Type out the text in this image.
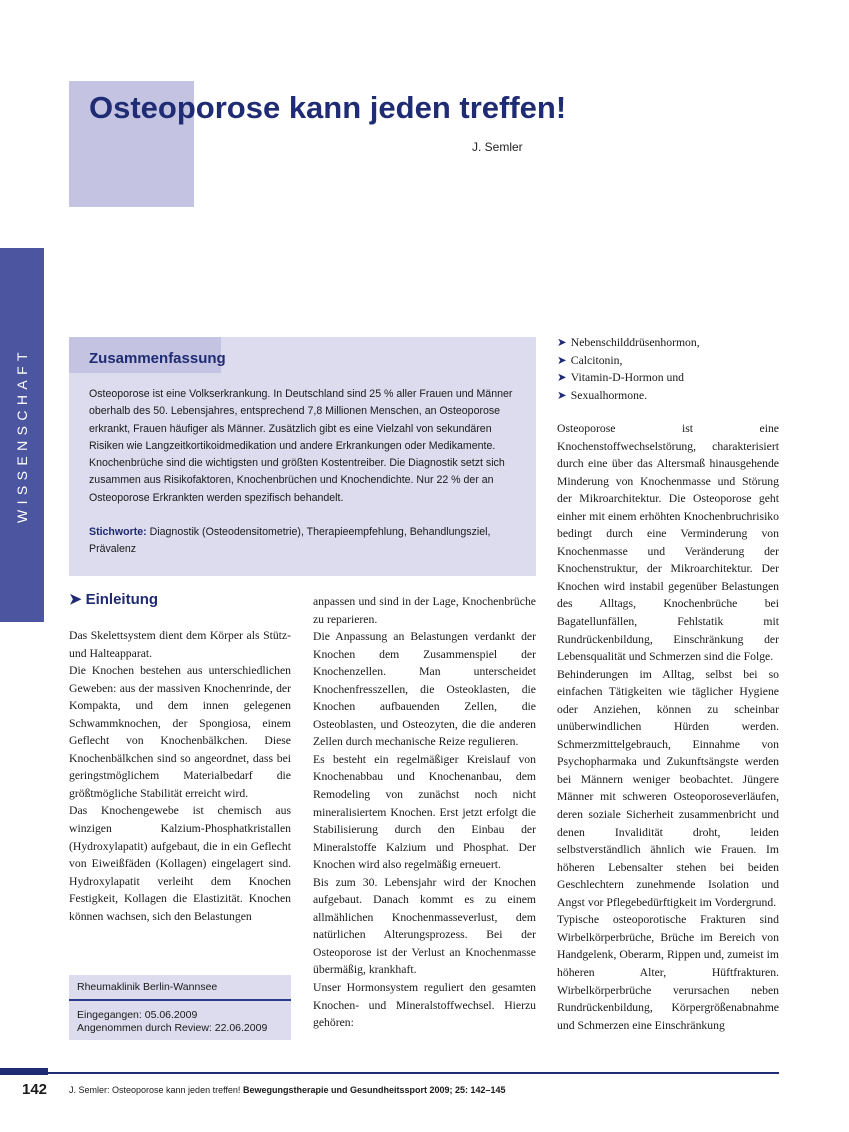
Osteoporose kann jeden treffen!
J. Semler
WISSENSCHAFT	Zusammenfassung

Osteoporose ist eine Volkserkrankung. In Deutschland sind 25 % aller Frauen und Männer oberhalb des 50. Lebensjahres, entsprechend 7,8 Millionen Menschen, an Osteoporose erkrankt, Frauen häufiger als Männer. Zusätzlich gibt es eine Vielzahl von sekundären Risiken wie Langzeitkortikoidmedikation und andere Erkrankungen oder Medikamente. Knochenbrüche sind die wichtigsten und größten Kostentreiber. Die Diagnostik setzt sich zusammen aus Risikofaktoren, Knochenbrüchen und Knochendichte. Nur 22 % der an Osteoporose Erkrankten werden spezifisch behandelt.

Stichworte: Diagnostik (Osteodensitometrie), Therapieempfehlung, Behandlungsziel, Prävalenz

➤ Einleitung
Das Skelettsystem dient dem Körper als Stütz- und Halteapparat.
Die Knochen bestehen aus unterschiedlichen Geweben: aus der massiven Knochenrinde, der Kompakta, und dem innen gelegenen Schwammknochen, der Spongiosa, einem Geflecht von Knochenbälkchen. Diese Knochenbälkchen sind so angeordnet, dass bei geringstmöglichem Materialbedarf die größtmögliche Stabilität erreicht wird.
Das Knochengewebe ist chemisch aus winzigen Kalzium-Phosphatkristallen (Hydroxylapatit) aufgebaut, die in ein Geflecht von Eiweißfäden (Kollagen) eingelagert sind. Hydroxylapatit verleiht dem Knochen Festigkeit, Kollagen die Elastizität. Knochen können wachsen, sich den Belastungen
anpassen und sind in der Lage, Knochenbrüche zu reparieren.
Die Anpassung an Belastungen verdankt der Knochen dem Zusammenspiel der Knochenzellen. Man unterscheidet Knochenfresszellen, die Osteoklasten, die Knochen aufbauenden Zellen, die Osteoblasten, und Osteozyten, die die anderen Zellen durch mechanische Reize regulieren.
Es besteht ein regelmäßiger Kreislauf von Knochenabbau und Knochenanbau, dem Remodeling von zunächst noch nicht mineralisiertem Knochen. Erst jetzt erfolgt die Stabilisierung durch den Einbau der Mineralstoffe Kalzium und Phosphat. Der Knochen wird also regelmäßig erneuert.
Bis zum 30. Lebensjahr wird der Knochen aufgebaut. Danach kommt es zu einem allmählichen Knochenmasseverlust, dem natürlichen Alterungsprozess. Bei der Osteoporose ist der Verlust an Knochenmasse übermäßig, krankhaft.
Unser Hormonsystem reguliert den gesamten Knochen- und Mineralstoffwechsel. Hierzu gehören:
➤ Nebenschilddrüsenhormon,
➤ Calcitonin,
➤ Vitamin-D-Hormon und
➤ Sexualhormone.
Osteoporose ist eine Knochenstoffwechselstörung, charakterisiert durch eine über das Altersmaß hinausgehende Minderung von Knochenmasse und Störung der Mikroarchitektur. Die Osteoporose geht einher mit einem erhöhten Knochenbruchrisiko bedingt durch eine Verminderung von Knochenmasse und Veränderung der Knochenstruktur, der Mikroarchitektur. Der Knochen wird instabil gegenüber Belastungen des Alltags, Knochenbrüche bei Bagatellunfällen, Fehlstatik mit Rundrückenbildung, Einschränkung der Lebensqualität und Schmerzen sind die Folge.
Behinderungen im Alltag, selbst bei so einfachen Tätigkeiten wie täglicher Hygiene oder Anziehen, können zu scheinbar unüberwindlichen Hürden werden. Schmerzmittelgebrauch, Einnahme von Psychopharmaka und Zukunftsängste werden bei Männern weniger beobachtet. Jüngere Männer mit schweren Osteoporoseverläufen, deren soziale Sicherheit zusammenbricht und denen Invalidität droht, leiden selbstverständlich ähnlich wie Frauen. Im höheren Lebensalter stehen bei beiden Geschlechtern zunehmende Isolation und Angst vor Pflegebedürftigkeit im Vordergrund.
Typische osteoporotische Frakturen sind Wirbelkörperbrüche, Brüche im Bereich von Handgelenk, Oberarm, Rippen und, zumeist im höheren Alter, Hüftfrakturen. Wirbelkörperbrüche verursachen neben Rundrückenbildung, Körpergrößenabnahme und Schmerzen eine Einschränkung
Rheumaklinik Berlin-Wannsee
Eingegangen: 05.06.2009
Angenommen durch Review: 22.06.2009
142 J. Semler: Osteoporose kann jeden treffen! Bewegungstherapie und Gesundheitssport 2009; 25: 142–145
